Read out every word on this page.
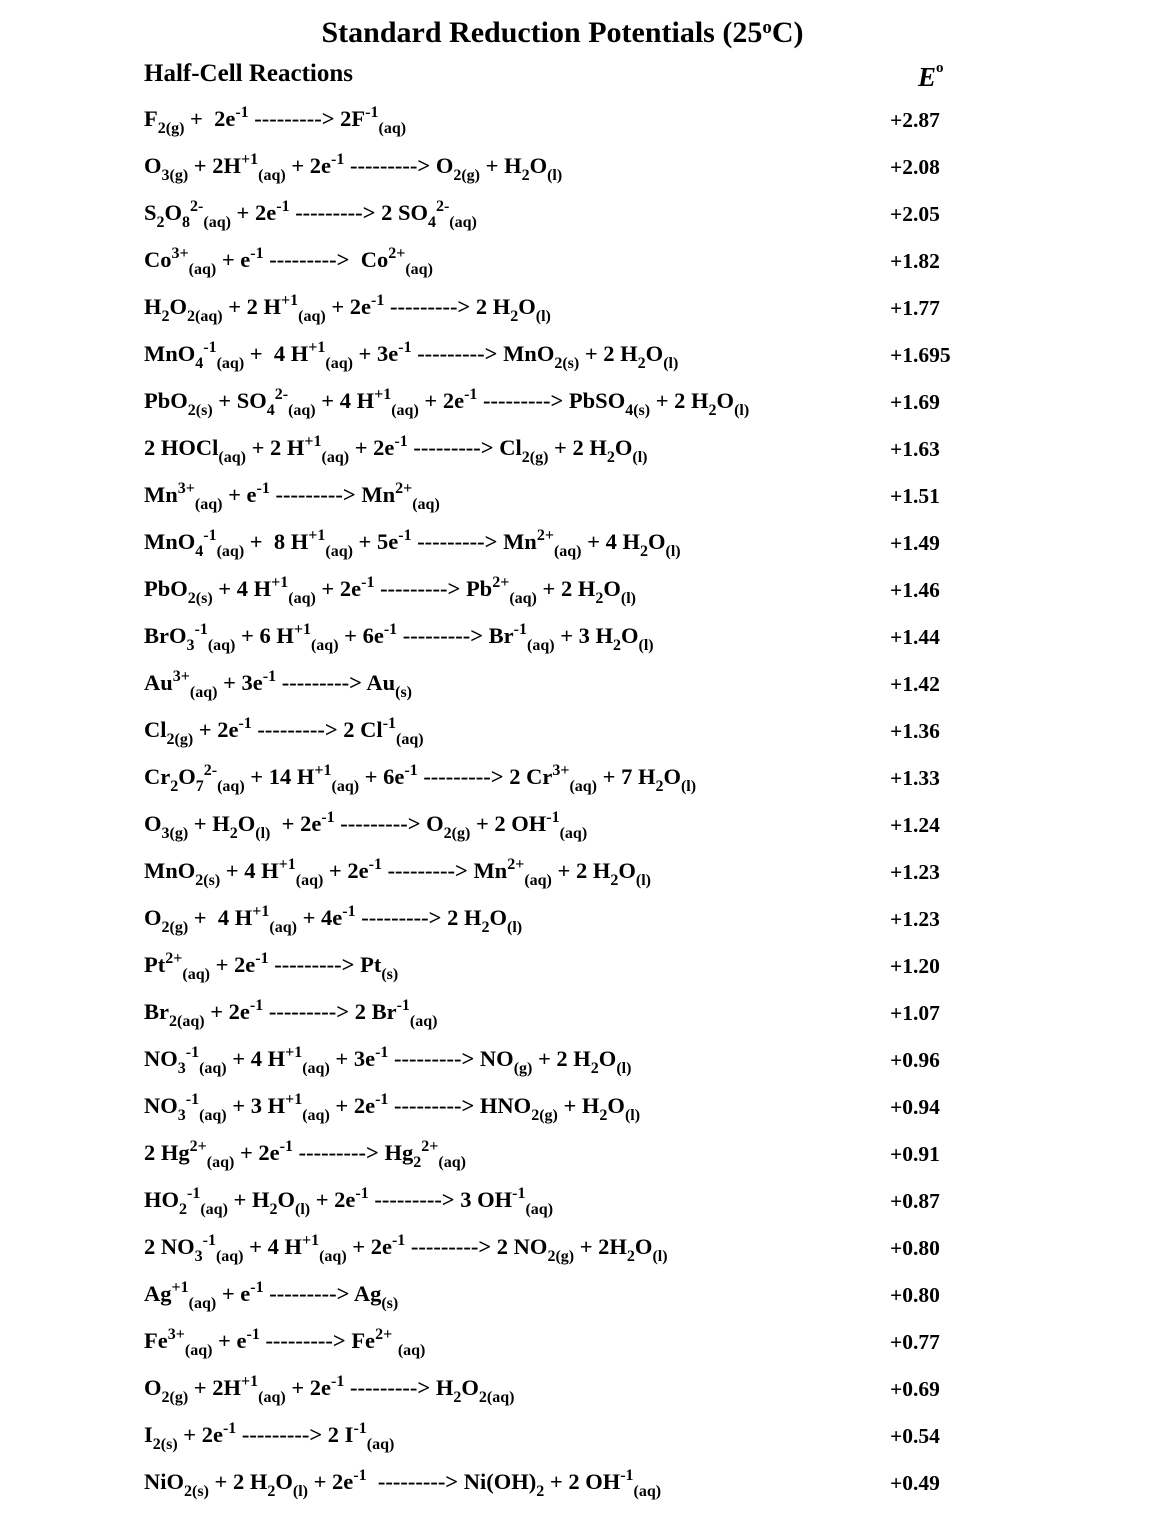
Standard Reduction Potentials (25$^o$C)
Half-Cell Reactions	$E^o$
$F_{2(g)} + 2e^{-1}$ ---------> $2F^{-1}_{(aq)}$	+2.87
$O_{3(g)} + 2H^{+1}_{(aq)} + 2e^{-1}$ ---------> $O_{2(g)} + H_2O_{(l)}$	+2.08
$S_2O_8^{2-}_{(aq)} + 2e^{-1}$ ---------> 2 $SO_4^{2-}_{(aq)}$	+2.05
$Co^{3+}_{(aq)} + e^{-1}$ --------->  $Co^{2+}_{(aq)}$	+1.82
$H_2O_{2(aq)} + 2$ $H^{+1}_{(aq)} + 2e^{-1}$ ---------> 2 $H_2O_{(l)}$	+1.77
MnO$_4^{-1}_{(aq)}$ +  4 $H^{+1}_{(aq)} + 3e^{-1}$ ---------> MnO$_{2(s)}$ + 2 $H_2O_{(l)}$	+1.695
$PbO_{2(s)} + SO_4^{2-}_{(aq)} + 4$ $H^{+1}_{(aq)} + 2e^{-1}$ ---------> PbSO$_{4(s)}$ + 2 $H_2O_{(l)}$	+1.69
2 HOCl$_{(aq)}$ + 2 $H^{+1}_{(aq)} + 2e^{-1}$ ---------> $Cl_{2(g)} + 2$ $H_2O_{(l)}$	+1.63
$Mn^{3+}_{(aq)} + e^{-1}$ ---------> $Mn^{2+}_{(aq)}$	+1.51
MnO$_4^{-1}_{(aq)}$ +  8 $H^{+1}_{(aq)} + 5e^{-1}$ ---------> $Mn^{2+}_{(aq)} + 4$ $H_2O_{(l)}$	+1.49
PbO$_{2(s)}$ + 4 $H^{+1}_{(aq)} + 2e^{-1}$ ---------> $Pb^{2+}_{(aq)} + 2$ $H_2O_{(l)}$	+1.46
BrO$_3^{-1}_{(aq)}$ + 6 $H^{+1}_{(aq)} + 6e^{-1}$ ---------> $Br^{-1}_{(aq)} + 3$ $H_2O_{(l)}$	+1.44
$Au^{3+}_{(aq)} + 3e^{-1}$ ---------> $Au_{(s)}$	+1.42
$Cl_{2(g)} + 2e^{-1}$ ---------> 2 $Cl^{-1}_{(aq)}$	+1.36
$Cr_2O_7^{2-}_{(aq)} + 14$ $H^{+1}_{(aq)} + 6e^{-1}$ ---------> 2 $Cr^{3+}_{(aq)} + 7$ $H_2O_{(l)}$	+1.33
$O_{3(g)} + H_2O_{(l)} + 2e^{-1}$ ---------> $O_{2(g)} + 2$ $OH^{-1}_{(aq)}$	+1.24
MnO$_{2(s)}$ + 4 $H^{+1}_{(aq)} + 2e^{-1}$ ---------> $Mn^{2+}_{(aq)} + 2$ $H_2O_{(l)}$	+1.23
$O_{2(g)} + 4$ $H^{+1}_{(aq)} + 4e^{-1}$ ---------> 2 $H_2O_{(l)}$	+1.23
$Pt^{2+}_{(aq)} + 2e^{-1}$ ---------> $Pt_{(s)}$	+1.20
$Br_{2(aq)} + 2e^{-1}$ ---------> 2 $Br^{-1}_{(aq)}$	+1.07
$NO_3^{-1}_{(aq)} + 4$ $H^{+1}_{(aq)} + 3e^{-1}$ ---------> $NO_{(g)} + 2$ $H_2O_{(l)}$	+0.96
$NO_3^{-1}_{(aq)} + 3$ $H^{+1}_{(aq)} + 2e^{-1}$ ---------> $HNO_{2(g)} + H_2O_{(l)}$	+0.94
2 $Hg^{2+}_{(aq)} + 2e^{-1}$ ---------> $Hg_2^{2+}_{(aq)}$	+0.91
$HO_2^{-1}_{(aq)} + H_2O_{(l)} + 2e^{-1}$ ---------> 3 $OH^{-1}_{(aq)}$	+0.87
2 $NO_3^{-1}_{(aq)} + 4$ $H^{+1}_{(aq)} + 2e^{-1}$ ---------> 2 $NO_{2(g)} + 2H_2O_{(l)}$	+0.80
$Ag^{+1}_{(aq)} + e^{-1}$ ---------> $Ag_{(s)}$	+0.80
$Fe^{3+}_{(aq)} + e^{-1}$ ---------> $Fe^{2+}$ $_{(aq)}$	+0.77
$O_{2(g)} + 2H^{+1}_{(aq)} + 2e^{-1}$ ---------> $H_2O_{2(aq)}$	+0.69
$I_{2(s)} + 2e^{-1}$ ---------> 2 $I^{-1}_{(aq)}$	+0.54
NiO$_{2(s)}$ + 2 $H_2O_{(l)} + 2e^{-1}$  ---------> $Ni(OH)_2 + 2$ $OH^{-1}_{(aq)}$	+0.49
